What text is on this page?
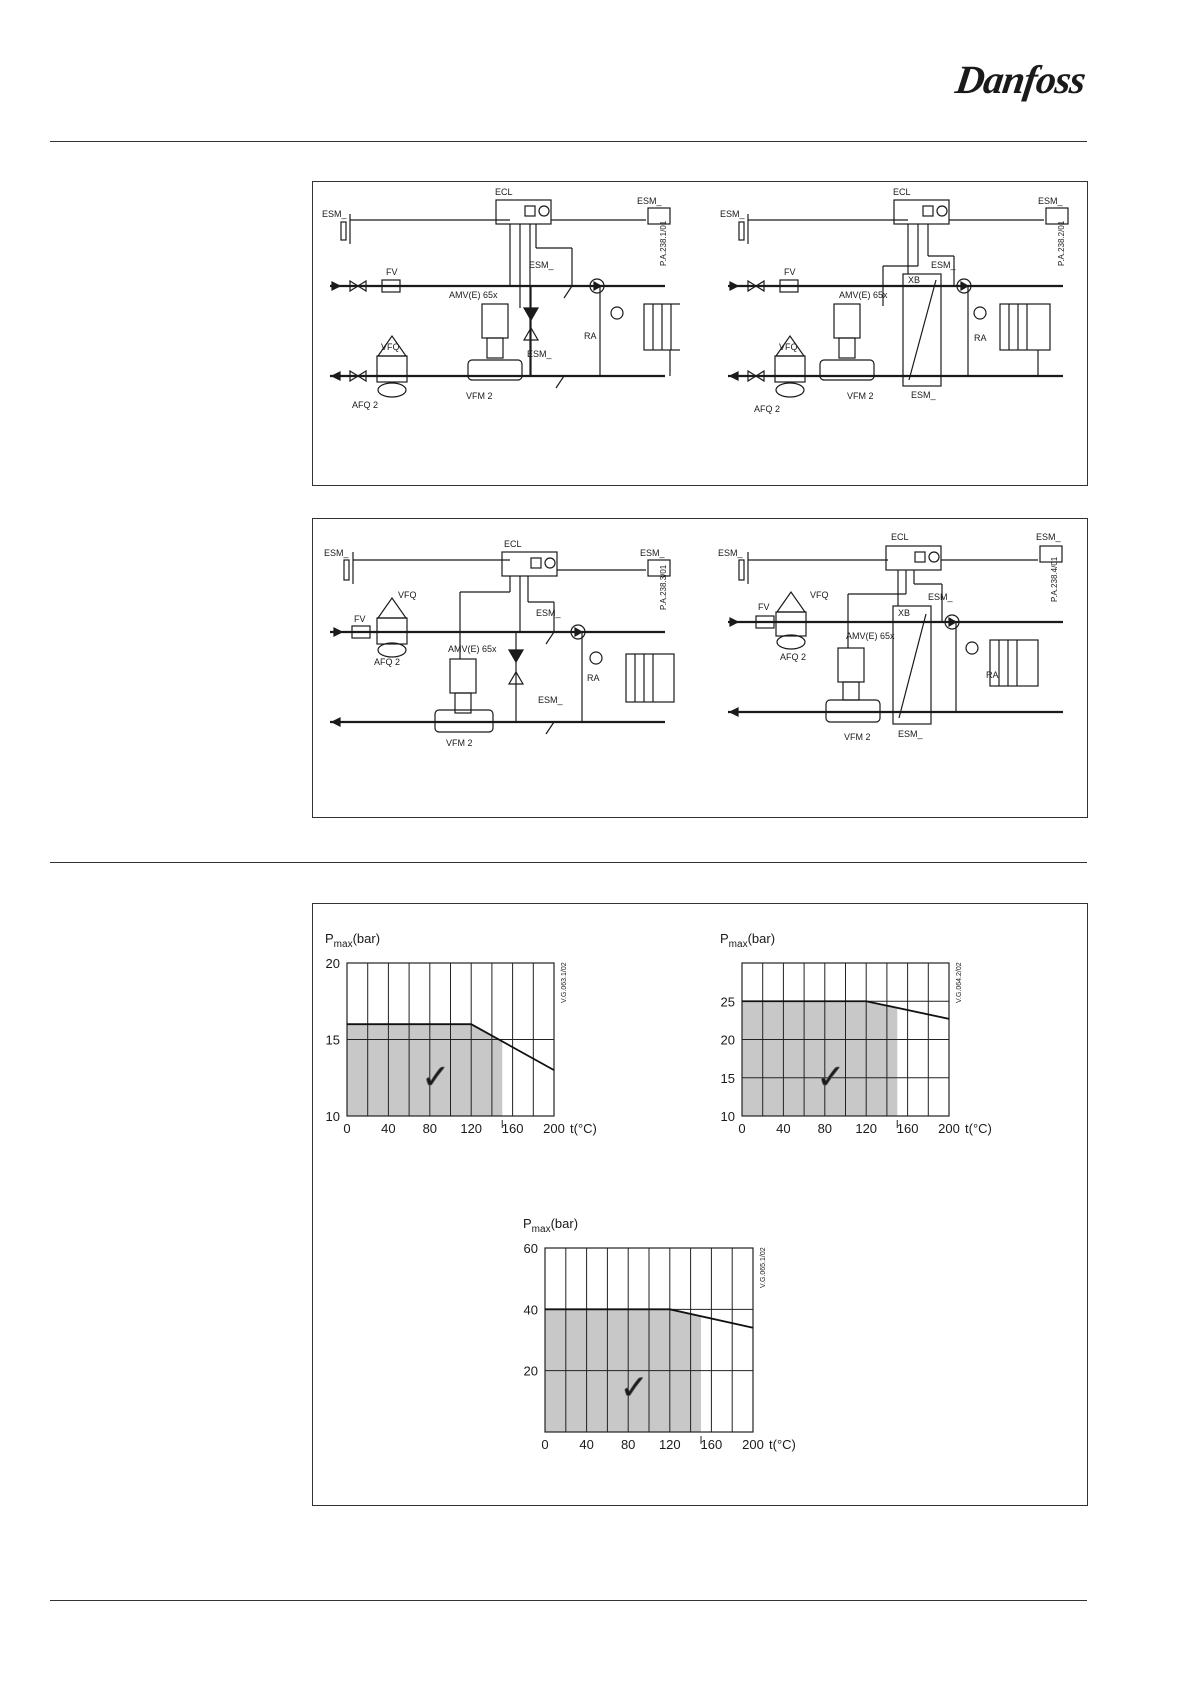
Danfoss
ECL
ESM_
ESM_
ESM_
ESM_
FV
AMV(E) 65x
VFQ
AFQ 2
VFM 2
RA
P.A.238.1/01
ECL
ESM_
ESM_
ESM_
XB
ESM_
FV
AMV(E) 65x
VFQ
AFQ 2
VFM 2
RA
P.A.238.2/01
ECL
ESM_	ESM_
ESM_
ESM_
FV
VFQ
AFQ 2
AMV(E) 65x
VFM 2
RA
P.A.238.3/01
ECL
ESM_
ESM_
ESM_
XB
ESM_
FV
VFQ
AFQ 2
AMV(E) 65x
VFM 2
RA
P.A.238.4/01
0 40 80 120 160 200
10
15
20
t(°C)
$P_{max}(bar)$
✓
V.G.063.1/02
0 40 80 120 160 200
10
15
20
25
t(°C)
$P_{max}(bar)$
✓
V.G.064.2/02
0 40 80 120 160 200
20
40
60
t(°C)
$P_{max}(bar)$
✓
V.G.065.1/02
